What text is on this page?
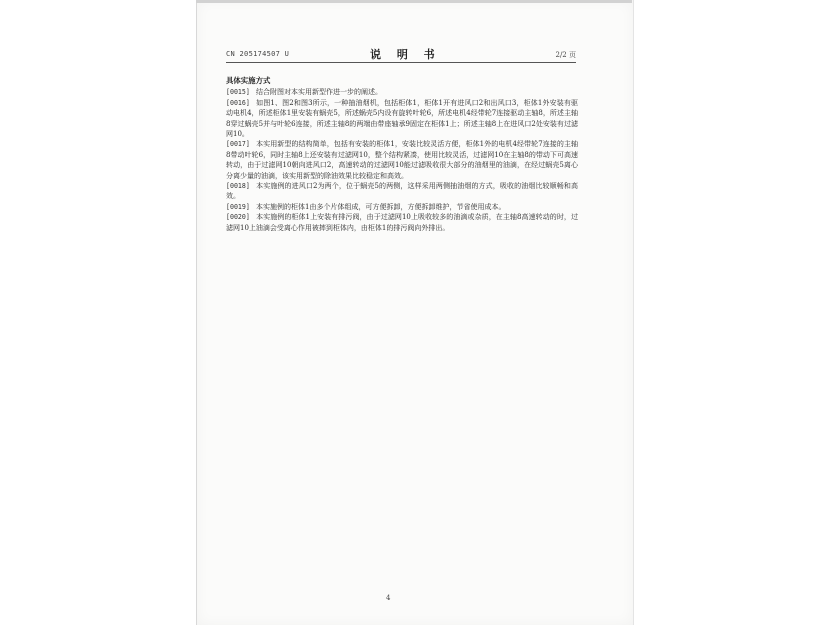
CN 205174507 U	说 明 书	2/2 页
具体实施方式

[0015] 结合附图对本实用新型作进一步的阐述。

[0016] 如图1、图2和图3所示，一种抽油烟机，包括柜体1，柜体1开有进风口2和出风口3，柜体1外安装有驱动电机4，所述柜体1里安装有蜗壳5，所述蜗壳5内设有旋转叶轮6，所述电机4经带轮7连接驱动主轴8，所述主轴8穿过蜗壳5并与叶轮6连接，所述主轴8的两端由带座轴承9固定在柜体1上；所述主轴8上在进风口2处安装有过滤网10。

[0017] 本实用新型的结构简单，包括有安装的柜体1，安装比较灵活方便，柜体1外的电机4经带轮7连接的主轴8带动叶轮6，同时主轴8上还安装有过滤网10，整个结构紧凑，使用比较灵活，过滤网10在主轴8的带动下可高速转动，由于过滤网10朝向进风口2，高速转动的过滤网10能过滤吸收很大部分的油烟里的油滴，在经过蜗壳5离心分离少量的油滴，该实用新型的除油效果比较稳定和高效。

[0018] 本实施例的进风口2为两个，位于蜗壳5的两侧，这样采用两侧抽油烟的方式，吸收的油烟比较顺畅和高效。

[0019] 本实施例的柜体1由多个片体组成，可方便拆卸，方便拆卸维护，节省使用成本。

[0020] 本实施例的柜体1上安装有排污阀，由于过滤网10上吸收较多的油滴或杂质，在主轴8高速转动的时，过滤网10上油滴会受离心作用被摔到柜体内，由柜体1的排污阀向外排出。

4
